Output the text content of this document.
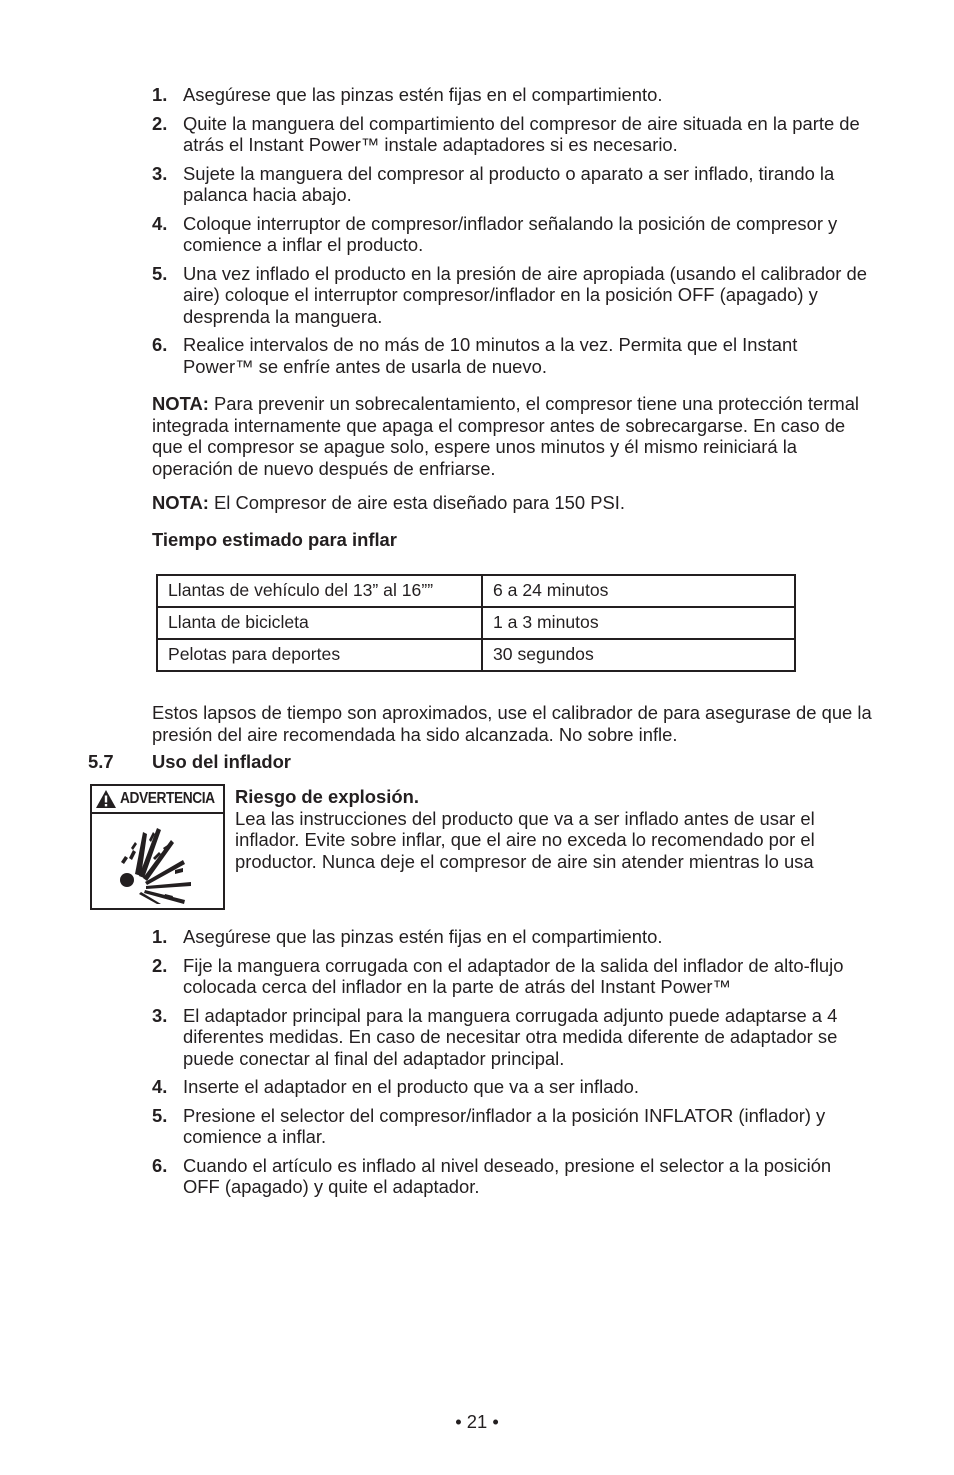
1. Asegúrese que las pinzas estén fijas en el compartimiento.
2. Quite la manguera del compartimiento del compresor de aire situada en la parte de atrás el Instant Power™ instale adaptadores si es necesario.
3. Sujete la manguera del compresor al producto o aparato a ser inflado, tirando la palanca hacia abajo.
4. Coloque interruptor de compresor/inflador señalando la posición de compresor y comience a inflar el producto.
5. Una vez inflado el producto en la presión de aire apropiada (usando el calibrador de aire) coloque el interruptor compresor/inflador en la posición OFF (apagado) y desprenda la manguera.
6. Realice intervalos de no más de 10 minutos a la vez. Permita que el Instant Power™ se enfríe antes de usarla de nuevo.

NOTA: Para prevenir un sobrecalentamiento, el compresor tiene una protección termal integrada internamente que apaga el compresor antes de sobrecargarse. En caso de que el compresor se apague solo, espere unos minutos y él mismo reiniciará la operación de nuevo después de enfriarse.

NOTA: El Compresor de aire esta diseñado para 150 PSI.

Tiempo estimado para inflar

Llantas de vehículo del 13” al 16””	6 a 24 minutos
Llanta de bicicleta	1 a 3 minutos
Pelotas para deportes	30 segundos

Estos lapsos de tiempo son aproximados, use el calibrador de para asegurase de que la presión del aire recomendada ha sido alcanzada. No sobre infle.

5.7 Uso del inflador
ADVERTENCIA Riesgo de explosión.
Lea las instrucciones del producto que va a ser inflado antes de usar el inflador. Evite sobre inflar, que el aire no exceda lo recomendado por el productor. Nunca deje el compresor de aire sin atender mientras lo usa
1. Asegúrese que las pinzas estén fijas en el compartimiento.
2. Fije la manguera corrugada con el adaptador de la salida del inflador de alto-flujo colocada cerca del inflador en la parte de atrás del Instant Power™
3. El adaptador principal para la manguera corrugada adjunto puede adaptarse a 4 diferentes medidas. En caso de necesitar otra medida diferente de adaptador se puede conectar al final del adaptador principal.
4. Inserte el adaptador en el producto que va a ser inflado.
5. Presione el selector del compresor/inflador a la posición INFLATOR (inflador) y comience a inflar.
6. Cuando el artículo es inflado al nivel deseado, presione el selector a la posición OFF (apagado) y quite el adaptador.
• 21 •
